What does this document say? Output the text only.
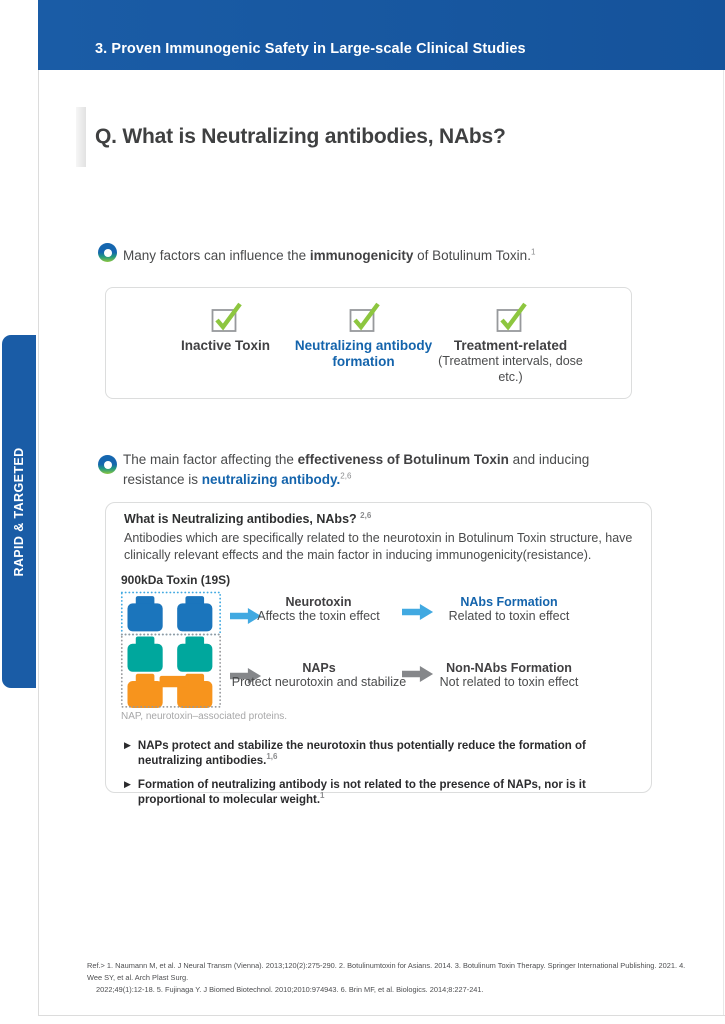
3. Proven Immunogenic Safety in Large-scale Clinical Studies
RAPID & TARGETED
Q. What is Neutralizing antibodies, NAbs?
Many factors can influence the immunogenicity of Botulinum Toxin.$^1$
Inactive Toxin	Neutralizing antibody formation
Treatment-related
(Treatment intervals, dose etc.)
The main factor affecting the effectiveness of Botulinum Toxin and inducing resistance is neutralizing antibody.$^{2,6}$
What is Neutralizing antibodies, NAbs? $^{2,6}$
Antibodies which are specifically related to the neurotoxin in Botulinum Toxin structure, have clinically relevant effects and the main factor in inducing immunogenicity(resistance).
900kDa Toxin (19S)
Neurotoxin
Affects the toxin effect
NAbs Formation
Related to toxin effect
NAPs
Protect neurotoxin and stabilize
Non-NAbs Formation
Not related to toxin effect
NAP, neurotoxin–associated proteins.
▶ NAPs protect and stabilize the neurotoxin thus potentially reduce the formation of neutralizing antibodies.$^{1,6}$
▶ Formation of neutralizing antibody is not related to the presence of NAPs, nor is it proportional to molecular weight.$^1$
Ref.> 1. Naumann M, et al. J Neural Transm (Vienna). 2013;120(2):275-290. 2. Botulinumtoxin for Asians. 2014. 3. Botulinum Toxin Therapy. Springer International Publishing. 2021. 4. Wee SY, et al. Arch Plast Surg.
2022;49(1):12-18. 5. Fujinaga Y. J Biomed Biotechnol. 2010;2010:974943. 6. Brin MF, et al. Biologics. 2014;8:227-241.
